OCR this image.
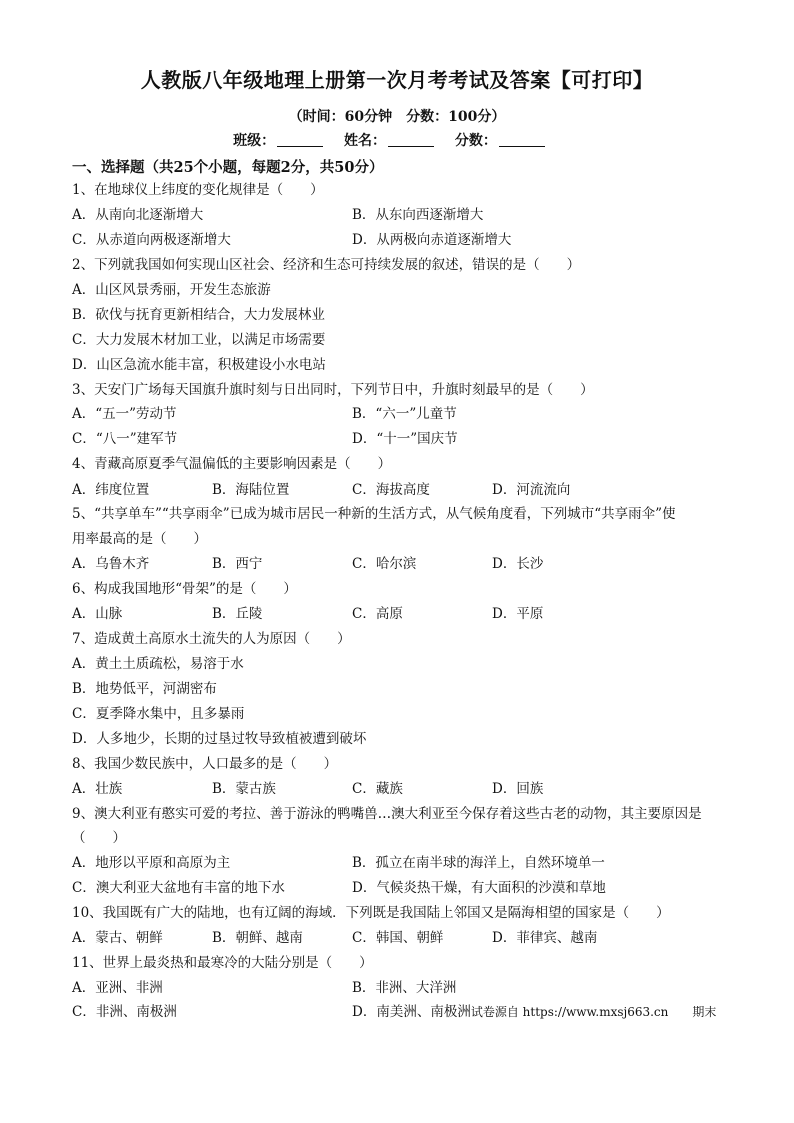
人教版八年级地理上册第一次月考考试及答案【可打印】
（时间：60分钟　分数：100分）
班级：	姓名：	分数：
一、选择题（共25个小题，每题2分，共50分）
1、在地球仪上纬度的变化规律是（　　）
A．从南向北逐渐增大	B．从东向西逐渐增大
C．从赤道向两极逐渐增大	D．从两极向赤道逐渐增大
2、下列就我国如何实现山区社会、经济和生态可持续发展的叙述，错误的是（　　）
A．山区风景秀丽，开发生态旅游
B．砍伐与抚育更新相结合，大力发展林业
C．大力发展木材加工业，以满足市场需要
D．山区急流水能丰富，积极建设小水电站
3、天安门广场每天国旗升旗时刻与日出同时，下列节日中，升旗时刻最早的是（　　）
A．“五一”劳动节	B．“六一”儿童节
C．“八一”建军节	D．“十一”国庆节
4、青藏高原夏季气温偏低的主要影响因素是（　　）
A．纬度位置	B．海陆位置	C．海拔高度	D．河流流向
5、“共享单车”“共享雨伞”已成为城市居民一种新的生活方式，从气候角度看，下列城市“共享雨伞”使
用率最高的是（　　）
A．乌鲁木齐	B．西宁	C．哈尔滨	D．长沙
6、构成我国地形“骨架”的是（　　）
A．山脉	B．丘陵	C．高原	D．平原
7、造成黄土高原水土流失的人为原因（　　）
A．黄土土质疏松，易溶于水
B．地势低平，河湖密布
C．夏季降水集中，且多暴雨
D．人多地少，长期的过垦过牧导致植被遭到破坏
8、我国少数民族中，人口最多的是（　　）
A．壮族	B．蒙古族	C．藏族	D．回族
9、澳大利亚有憨实可爱的考拉、善于游泳的鸭嘴兽…澳大利亚至今保存着这些古老的动物，其主要原因是
（　　）
A．地形以平原和高原为主	B．孤立在南半球的海洋上，自然环境单一
C．澳大利亚大盆地有丰富的地下水	D．气候炎热干燥，有大面积的沙漠和草地
10、我国既有广大的陆地，也有辽阔的海域．下列既是我国陆上邻国又是隔海相望的国家是（　　）
A．蒙古、朝鲜	B．朝鲜、越南	C．韩国、朝鲜	D．菲律宾、越南
11、世界上最炎热和最寒冷的大陆分别是（　　）
A．亚洲、非洲	B．非洲、大洋洲
C．非洲、南极洲	D．南美洲、南极洲试卷源自 https://www.mxsj663.cn　　期末
